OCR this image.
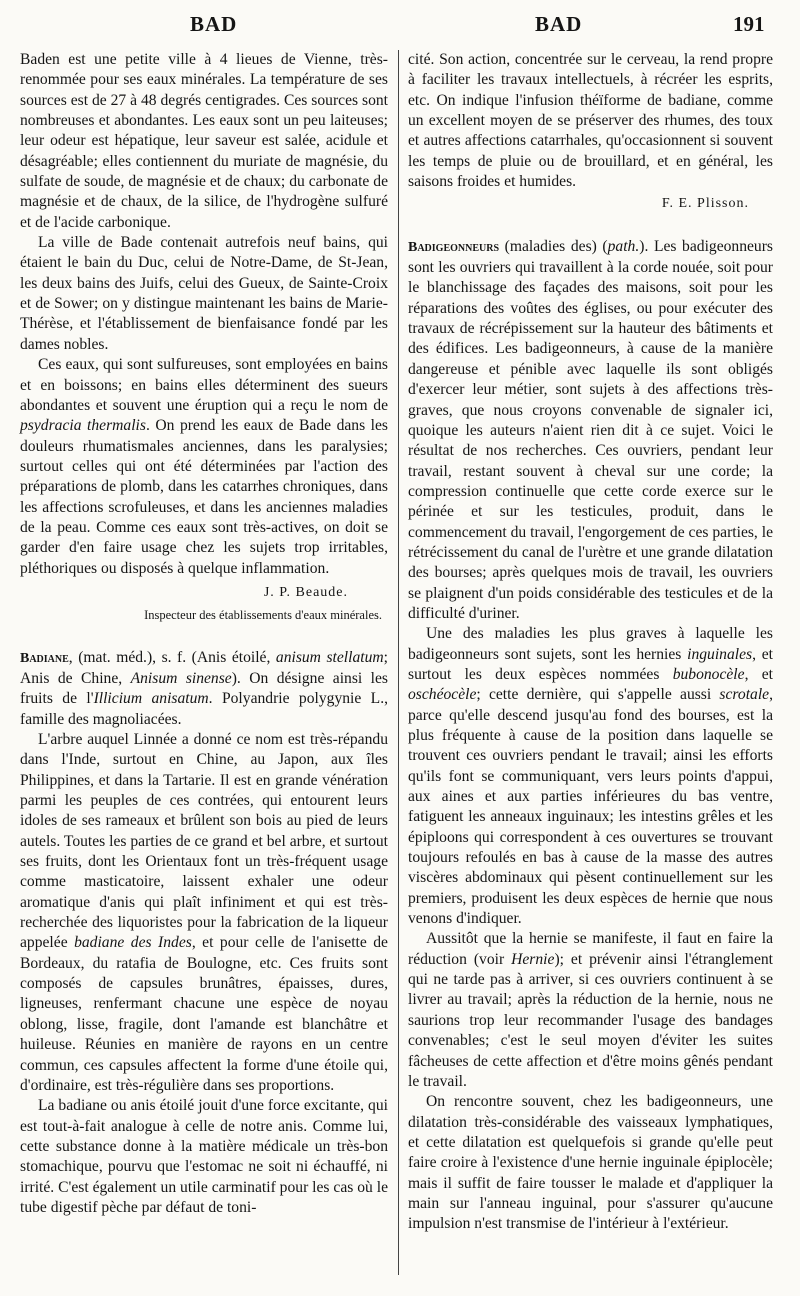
BAD	BAD	191

Baden est une petite ville à 4 lieues de Vienne, très-renommée pour ses eaux minérales. La température de ses sources est de 27 à 48 degrés centigrades. Ces sources sont nombreuses et abondantes. Les eaux sont un peu laiteuses; leur odeur est hépatique, leur saveur est salée, acidule et désagréable; elles contiennent du muriate de magnésie, du sulfate de soude, de magnésie et de chaux; du carbonate de magnésie et de chaux, de la silice, de l'hydrogène sulfuré et de l'acide carbonique.

La ville de Bade contenait autrefois neuf bains, qui étaient le bain du Duc, celui de Notre-Dame, de St-Jean, les deux bains des Juifs, celui des Gueux, de Sainte-Croix et de Sower; on y distingue maintenant les bains de Marie-Thérèse, et l'établissement de bienfaisance fondé par les dames nobles.

Ces eaux, qui sont sulfureuses, sont employées en bains et en boissons; en bains elles déterminent des sueurs abondantes et souvent une éruption qui a reçu le nom de psydracia thermalis. On prend les eaux de Bade dans les douleurs rhumatismales anciennes, dans les paralysies; surtout celles qui ont été déterminées par l'action des préparations de plomb, dans les catarrhes chroniques, dans les affections scrofuleuses, et dans les anciennes maladies de la peau. Comme ces eaux sont très-actives, on doit se garder d'en faire usage chez les sujets trop irritables, pléthoriques ou disposés à quelque inflammation.

J. P. Beaude.
Inspecteur des établissements d'eaux minérales.

Badiane, (mat. méd.), s. f. (Anis étoilé, anisum stellatum; Anis de Chine, Anisum sinense). On désigne ainsi les fruits de l'Illicium anisatum. Polyandrie polygynie L., famille des magnoliacées.

L'arbre auquel Linnée a donné ce nom est très-répandu dans l'Inde, surtout en Chine, au Japon, aux îles Philippines, et dans la Tartarie. Il est en grande vénération parmi les peuples de ces contrées, qui entourent leurs idoles de ses rameaux et brûlent son bois au pied de leurs autels. Toutes les parties de ce grand et bel arbre, et surtout ses fruits, dont les Orientaux font un très-fréquent usage comme masticatoire, laissent exhaler une odeur aromatique d'anis qui plaît infiniment et qui est très-recherchée des liquoristes pour la fabrication de la liqueur appelée badiane des Indes, et pour celle de l'anisette de Bordeaux, du ratafia de Boulogne, etc. Ces fruits sont composés de capsules brunâtres, épaisses, dures, ligneuses, renfermant chacune une espèce de noyau oblong, lisse, fragile, dont l'amande est blanchâtre et huileuse. Réunies en manière de rayons en un centre commun, ces capsules affectent la forme d'une étoile qui, d'ordinaire, est très-régulière dans ses proportions.

La badiane ou anis étoilé jouit d'une force excitante, qui est tout-à-fait analogue à celle de notre anis. Comme lui, cette substance donne à la matière médicale un très-bon stomachique, pourvu que l'estomac ne soit ni échauffé, ni irrité. C'est également un utile carminatif pour les cas où le tube digestif pèche par défaut de toni-

cité. Son action, concentrée sur le cerveau, la rend propre à faciliter les travaux intellectuels, à récréer les esprits, etc. On indique l'infusion théïforme de badiane, comme un excellent moyen de se préserver des rhumes, des toux et autres affections catarrhales, qu'occasionnent si souvent les temps de pluie ou de brouillard, et en général, les saisons froides et humides.

F. E. Plisson.

Badigeonneurs (maladies des) (path.). Les badigeonneurs sont les ouvriers qui travaillent à la corde nouée, soit pour le blanchissage des façades des maisons, soit pour les réparations des voûtes des églises, ou pour exécuter des travaux de récrépissement sur la hauteur des bâtiments et des édifices. Les badigeonneurs, à cause de la manière dangereuse et pénible avec laquelle ils sont obligés d'exercer leur métier, sont sujets à des affections très-graves, que nous croyons convenable de signaler ici, quoique les auteurs n'aient rien dit à ce sujet. Voici le résultat de nos recherches. Ces ouvriers, pendant leur travail, restant souvent à cheval sur une corde; la compression continuelle que cette corde exerce sur le périnée et sur les testicules, produit, dans le commencement du travail, l'engorgement de ces parties, le rétrécissement du canal de l'urètre et une grande dilatation des bourses; après quelques mois de travail, les ouvriers se plaignent d'un poids considérable des testicules et de la difficulté d'uriner.

Une des maladies les plus graves à laquelle les badigeonneurs sont sujets, sont les hernies inguinales, et surtout les deux espèces nommées bubonocèle, et oschéocèle; cette dernière, qui s'appelle aussi scrotale, parce qu'elle descend jusqu'au fond des bourses, est la plus fréquente à cause de la position dans laquelle se trouvent ces ouvriers pendant le travail; ainsi les efforts qu'ils font se communiquant, vers leurs points d'appui, aux aines et aux parties inférieures du bas ventre, fatiguent les anneaux inguinaux; les intestins grêles et les épiploons qui correspondent à ces ouvertures se trouvant toujours refoulés en bas à cause de la masse des autres viscères abdominaux qui pèsent continuellement sur les premiers, produisent les deux espèces de hernie que nous venons d'indiquer.

Aussitôt que la hernie se manifeste, il faut en faire la réduction (voir Hernie); et prévenir ainsi l'étranglement qui ne tarde pas à arriver, si ces ouvriers continuent à se livrer au travail; après la réduction de la hernie, nous ne saurions trop leur recommander l'usage des bandages convenables; c'est le seul moyen d'éviter les suites fâcheuses de cette affection et d'être moins gênés pendant le travail.

On rencontre souvent, chez les badigeonneurs, une dilatation très-considérable des vaisseaux lymphatiques, et cette dilatation est quelquefois si grande qu'elle peut faire croire à l'existence d'une hernie inguinale épiplocèle; mais il suffit de faire tousser le malade et d'appliquer la main sur l'anneau inguinal, pour s'assurer qu'aucune impulsion n'est transmise de l'intérieur à l'extérieur.
